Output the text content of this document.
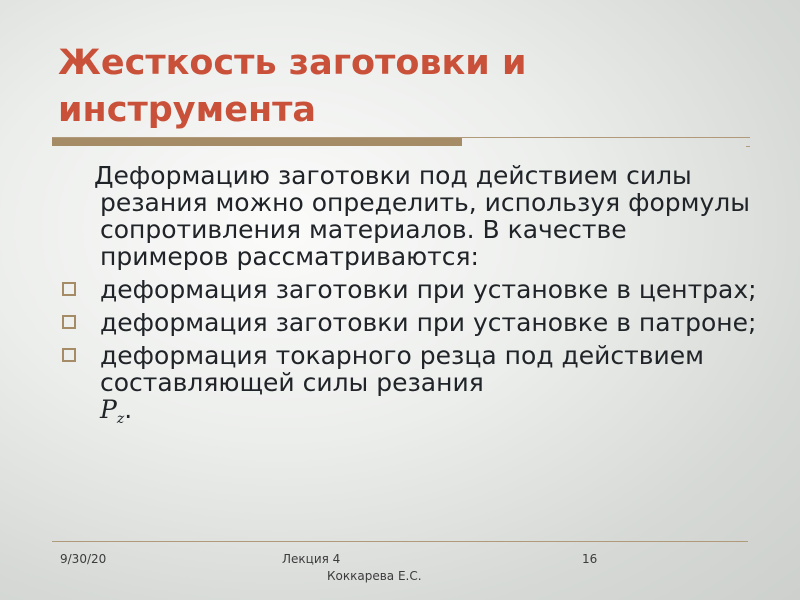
Жесткость заготовки и инструмента
Деформацию заготовки под действием силы резания можно определить, используя формулы сопротивления материалов. В качестве примеров рассматриваются:
деформация заготовки при установке в центрах;
деформация заготовки при установке в патроне;
деформация токарного резца под действием составляющей силы резания
$P_z$.
9/30/20	Лекция 4
Коккарева Е.С.
16
